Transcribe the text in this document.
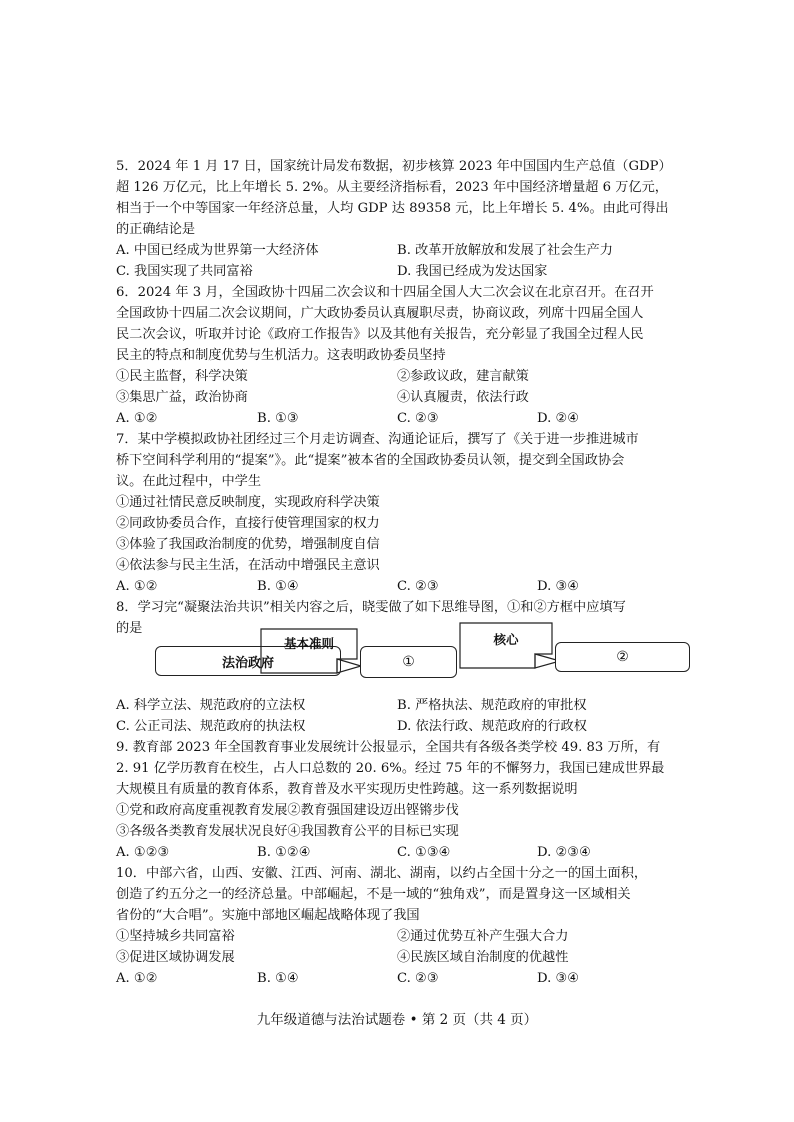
5．2024 年 1 月 17 日，国家统计局发布数据，初步核算 2023 年中国国内生产总值（GDP）
超 126 万亿元，比上年增长 5. 2%。从主要经济指标看，2023 年中国经济增量超 6 万亿元，
相当于一个中等国家一年经济总量，人均 GDP 达 89358 元，比上年增长 5. 4%。由此可得出
的正确结论是
A. 中国已经成为世界第一大经济体	B. 改革开放解放和发展了社会生产力
C. 我国实现了共同富裕	D. 我国已经成为发达国家
6．2024 年 3 月，全国政协十四届二次会议和十四届全国人大二次会议在北京召开。在召开
全国政协十四届二次会议期间，广大政协委员认真履职尽责，协商议政，列席十四届全国人
民二次会议，听取并讨论《政府工作报告》以及其他有关报告，充分彰显了我国全过程人民
民主的特点和制度优势与生机活力。这表明政协委员坚持
①民主监督，科学决策	②参政议政，建言献策
③集思广益，政治协商	④认真履责，依法行政
A. ①②	B. ①③	C. ②③	D. ②④
7．某中学模拟政协社团经过三个月走访调查、沟通论证后，撰写了《关于进一步推进城市
桥下空间科学利用的“提案”》。此“提案”被本省的全国政协委员认领，提交到全国政协会
议。在此过程中，中学生
①通过社情民意反映制度，实现政府科学决策
②同政协委员合作，直接行使管理国家的权力
③体验了我国政治制度的优势，增强制度自信
④依法参与民主生活，在活动中增强民主意识
A. ①②	B. ①④	C. ②③	D. ③④
8．学习完“凝聚法治共识”相关内容之后，晓雯做了如下思维导图，①和②方框中应填写
的是
法治政府
基本准则
①
核心
②
A. 科学立法、规范政府的立法权	B. 严格执法、规范政府的审批权
C. 公正司法、规范政府的执法权	D. 依法行政、规范政府的行政权
9. 教育部 2023 年全国教育事业发展统计公报显示，全国共有各级各类学校 49. 83 万所，有
2. 91 亿学历教育在校生，占人口总数的 20. 6%。经过 75 年的不懈努力，我国已建成世界最
大规模且有质量的教育体系，教育普及水平实现历史性跨越。这一系列数据说明
①党和政府高度重视教育发展②教育强国建设迈出铿锵步伐
③各级各类教育发展状况良好④我国教育公平的目标已实现
A. ①②③	B. ①②④	C. ①③④	D. ②③④
10．中部六省，山西、安徽、江西、河南、湖北、湖南，以约占全国十分之一的国土面积，
创造了约五分之一的经济总量。中部崛起，不是一域的“独角戏”，而是置身这一区域相关
省份的“大合唱”。实施中部地区崛起战略体现了我国
①坚持城乡共同富裕	②通过优势互补产生强大合力
③促进区域协调发展	④民族区域自治制度的优越性
A. ①②	B. ①④	C. ②③	D. ③④
九年级道德与法治试题卷 • 第 2 页（共 4 页）
